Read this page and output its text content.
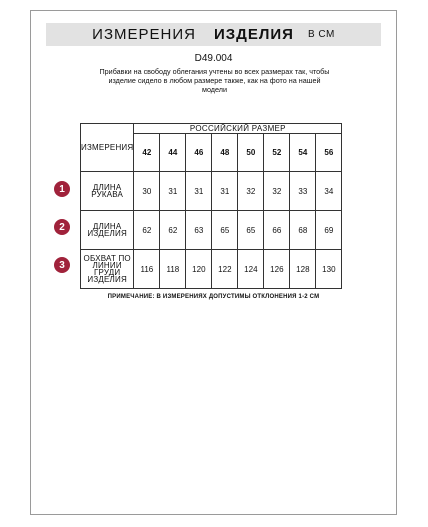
ИЗМЕРЕНИЯ ИЗДЕЛИЯ В СМ
D49.004
Прибавки на свободу облегания учтены во всех размерах так, чтобы
изделие сидело в любом размере также, как на фото на нашей
модели
1
2
3
ИЗМЕРЕНИЯ	РОССИЙСКИЙ РАЗМЕР							
	42	44	46	48	50	52	54	56

ДЛИНА РУКАВА	30	31	31	31	32	32	33	34

ДЛИНА
ИЗДЕЛИЯ	62	62	63	65	65	66	68	69

ОБХВАТ ПО
ЛИНИИ ГРУДИ
ИЗДЕЛИЯ	116	118	120	122	124	126	128	130
ПРИМЕЧАНИЕ: В ИЗМЕРЕНИЯХ ДОПУСТИМЫ ОТКЛОНЕНИЯ 1-2 СМ
